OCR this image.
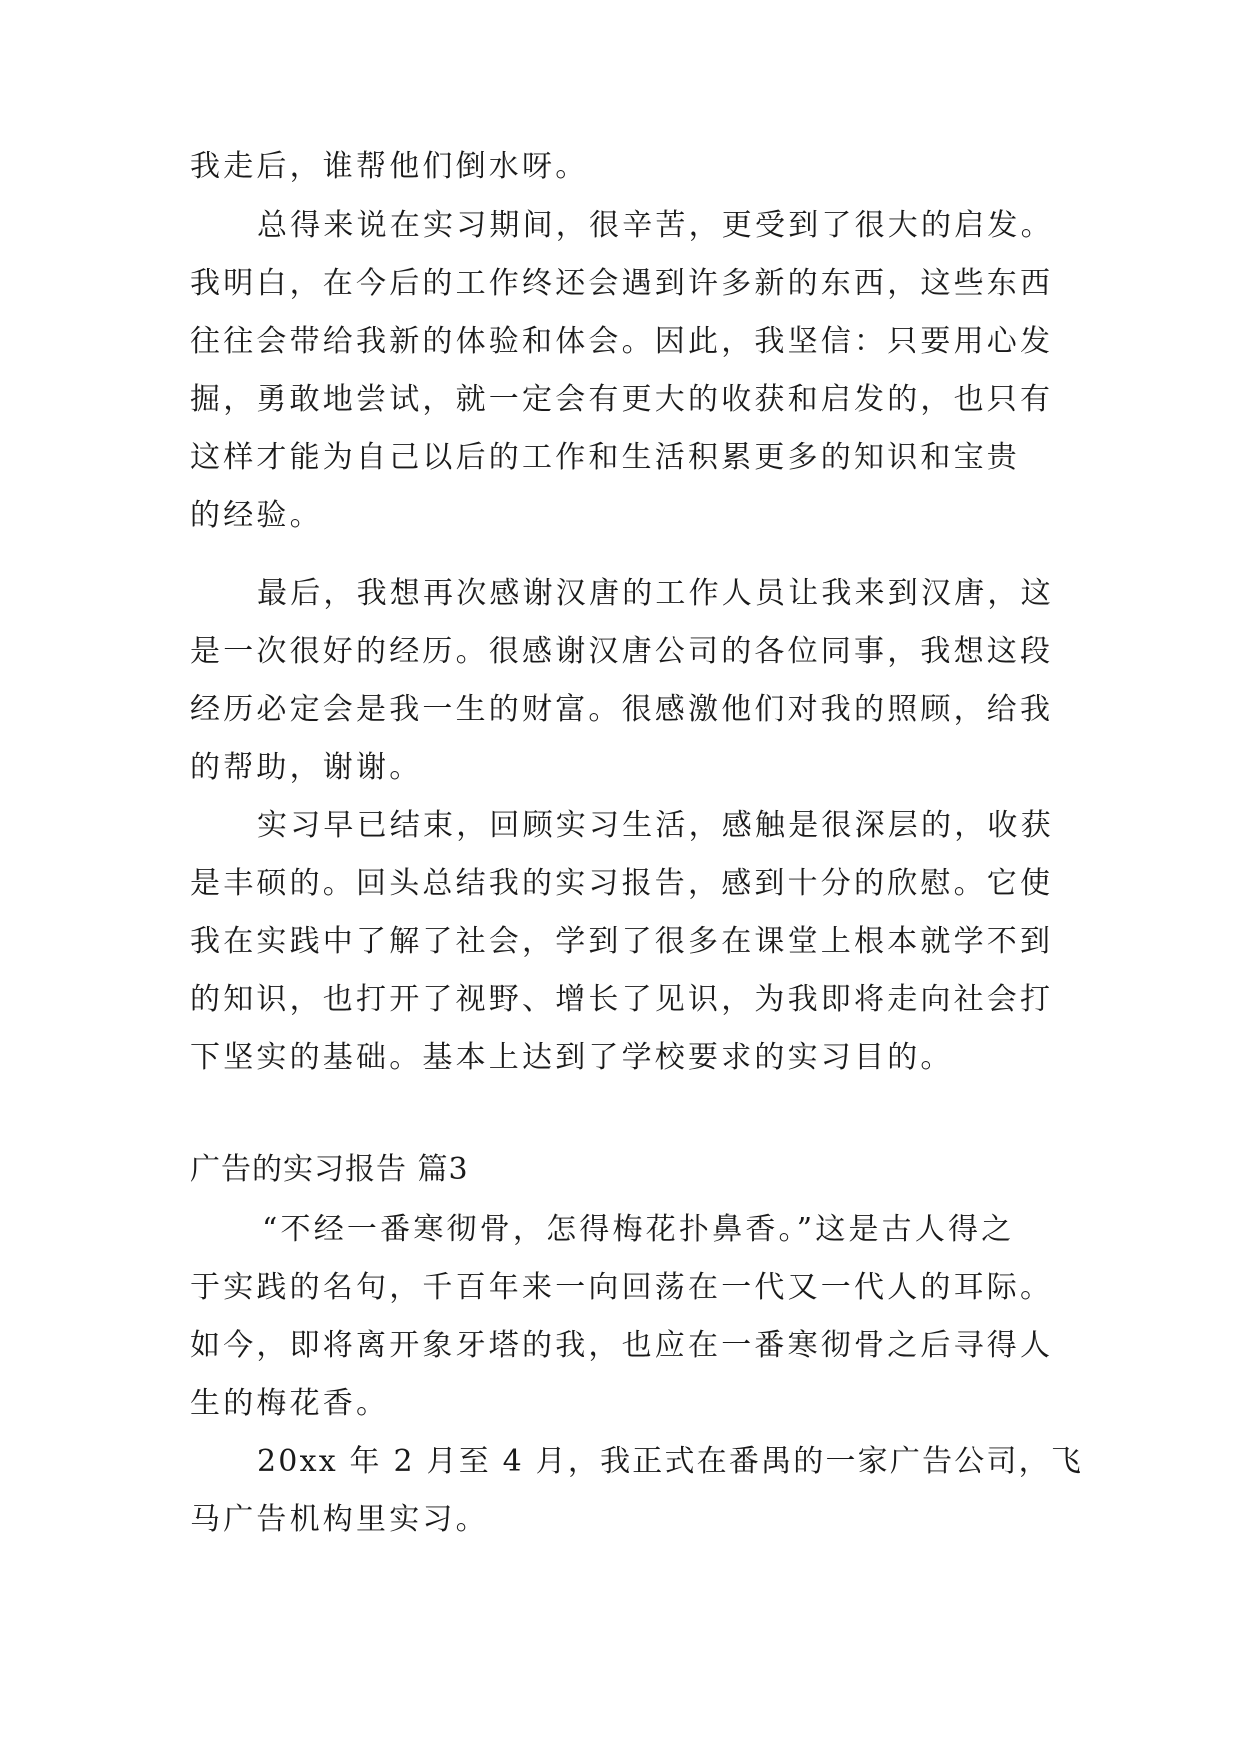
我走后，谁帮他们倒水呀。
总得来说在实习期间，很辛苦，更受到了很大的启发。
我明白，在今后的工作终还会遇到许多新的东西，这些东西
往往会带给我新的体验和体会。因此，我坚信：只要用心发
掘，勇敢地尝试，就一定会有更大的收获和启发的，也只有
这样才能为自己以后的工作和生活积累更多的知识和宝贵
的经验。
最后，我想再次感谢汉唐的工作人员让我来到汉唐，这
是一次很好的经历。很感谢汉唐公司的各位同事，我想这段
经历必定会是我一生的财富。很感激他们对我的照顾，给我
的帮助，谢谢。
实习早已结束，回顾实习生活，感触是很深层的，收获
是丰硕的。回头总结我的实习报告，感到十分的欣慰。它使
我在实践中了解了社会，学到了很多在课堂上根本就学不到
的知识，也打开了视野、增长了见识，为我即将走向社会打
下坚实的基础。基本上达到了学校要求的实习目的。
广告的实习报告 篇3
“不经一番寒彻骨，怎得梅花扑鼻香。”这是古人得之
于实践的名句，千百年来一向回荡在一代又一代人的耳际。
如今，即将离开象牙塔的我，也应在一番寒彻骨之后寻得人
生的梅花香。
20xx 年 2 月至 4 月，我正式在番禺的一家广告公司，飞
马广告机构里实习。
